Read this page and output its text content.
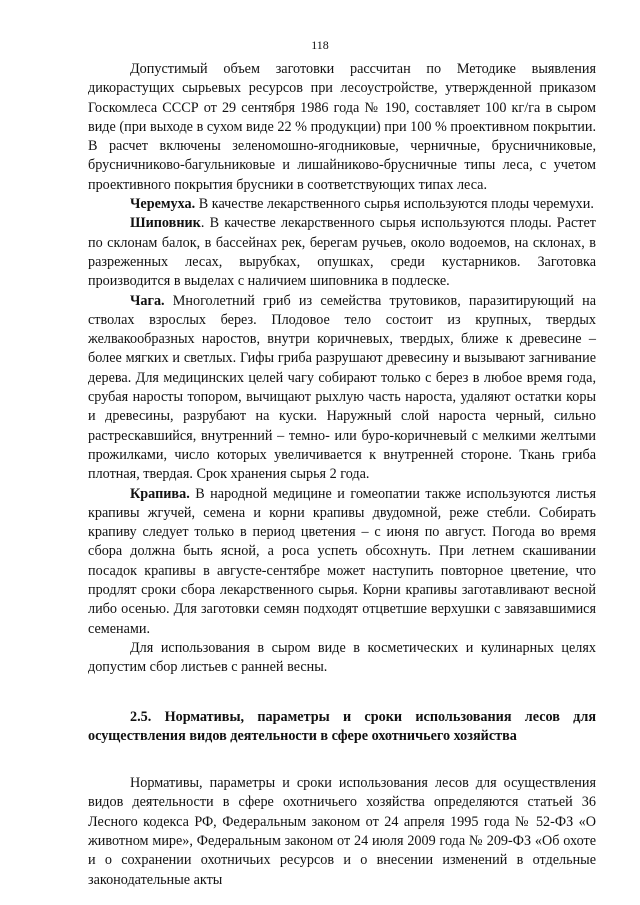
118

Допустимый объем заготовки рассчитан по Методике выявления дикорастущих сырьевых ресурсов при лесоустройстве, утвержденной приказом Госкомлеса СССР от 29 сентября 1986 года № 190, составляет 100 кг/га в сыром виде (при выходе в сухом виде 22 % продукции) при 100 % проективном покрытии. В расчет включены зеленомошно-ягодниковые, черничные, брусничниковые, брусничниково-багульниковые и лишайниково-брусничные типы леса, с учетом проективного покрытия брусники в соответствующих типах леса.

Черемуха. В качестве лекарственного сырья используются плоды черемухи.

Шиповник. В качестве лекарственного сырья используются плоды. Растет по склонам балок, в бассейнах рек, берегам ручьев, около водоемов, на склонах, в разреженных лесах, вырубках, опушках, среди кустарников. Заготовка производится в выделах с наличием шиповника в подлеске.

Чага. Многолетний гриб из семейства трутовиков, паразитирующий на стволах взрослых берез. Плодовое тело состоит из крупных, твердых желвакообразных наростов, внутри коричневых, твердых, ближе к древесине – более мягких и светлых. Гифы гриба разрушают древесину и вызывают загнивание дерева. Для медицинских целей чагу собирают только с берез в любое время года, срубая наросты топором, вычищают рыхлую часть нароста, удаляют остатки коры и древесины, разрубают на куски. Наружный слой нароста черный, сильно растрескавшийся, внутренний – темно- или буро-коричневый с мелкими желтыми прожилками, число которых увеличивается к внутренней стороне. Ткань гриба плотная, твердая. Срок хранения сырья 2 года.

Крапива. В народной медицине и гомеопатии также используются листья крапивы жгучей, семена и корни крапивы двудомной, реже стебли. Собирать крапиву следует только в период цветения – с июня по август. Погода во время сбора должна быть ясной, а роса успеть обсохнуть. При летнем скашивании посадок крапивы в августе-сентябре может наступить повторное цветение, что продлят сроки сбора лекарственного сырья. Корни крапивы заготавливают весной либо осенью. Для заготовки семян подходят отцветшие верхушки с завязавшимися семенами.

Для использования в сыром виде в косметических и кулинарных целях допустим сбор листьев с ранней весны.

2.5. Нормативы, параметры и сроки использования лесов для осуществления видов деятельности в сфере охотничьего хозяйства

Нормативы, параметры и сроки использования лесов для осуществления видов деятельности в сфере охотничьего хозяйства определяются статьей 36 Лесного кодекса РФ, Федеральным законом от 24 апреля 1995 года № 52-ФЗ «О животном мире», Федеральным законом от 24 июля 2009 года № 209-ФЗ «Об охоте и о сохранении охотничьих ресурсов и о внесении изменений в отдельные законодательные акты
